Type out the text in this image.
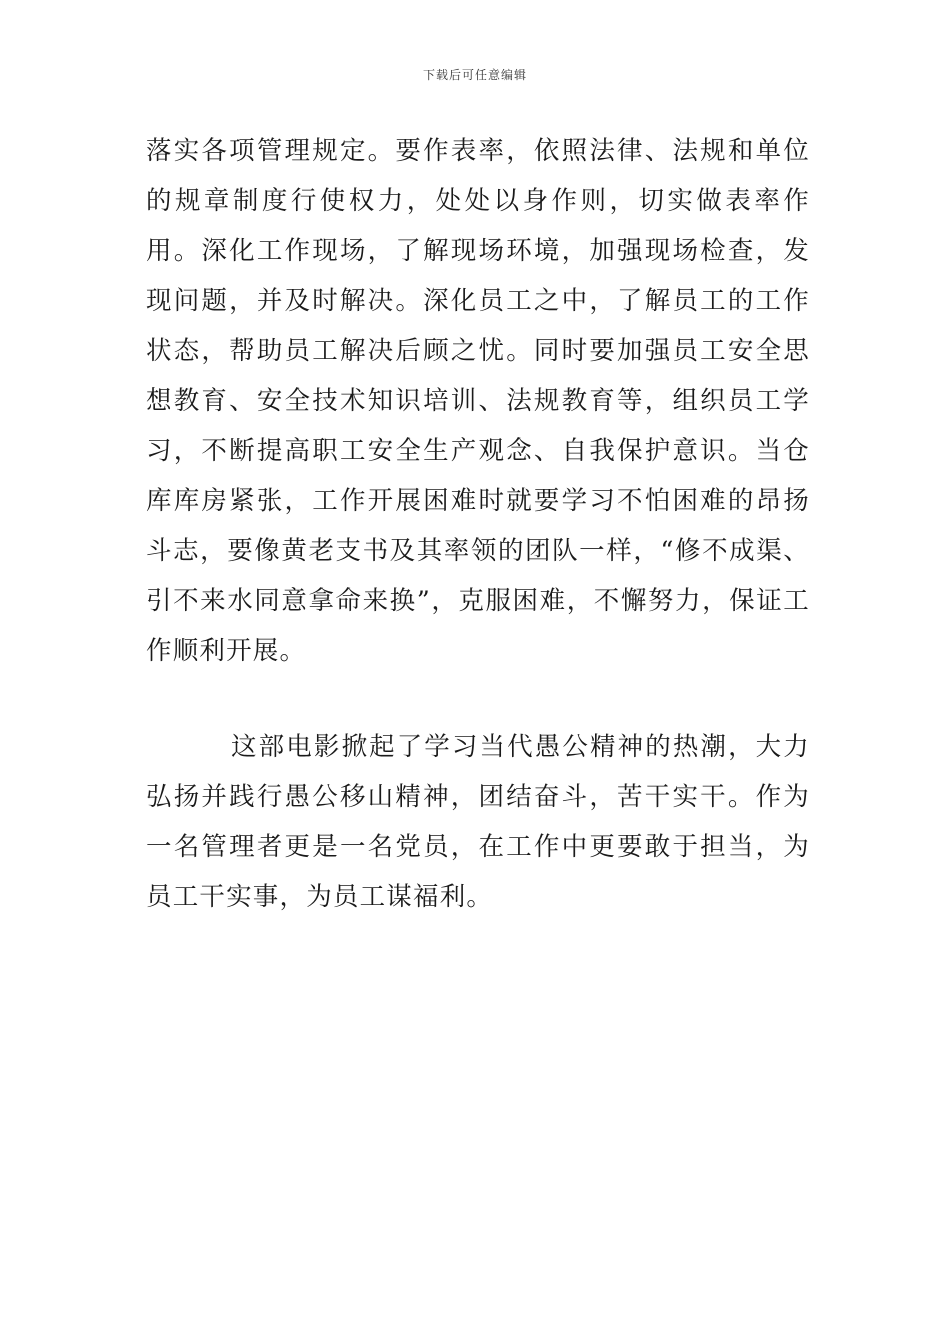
下载后可任意编辑

落实各项管理规定。要作表率，依照法律、法规和单位的规章制度行使权力，处处以身作则，切实做表率作用。深化工作现场，了解现场环境，加强现场检查，发现问题，并及时解决。深化员工之中，了解员工的工作状态，帮助员工解决后顾之忧。同时要加强员工安全思想教育、安全技术知识培训、法规教育等，组织员工学习，不断提高职工安全生产观念、自我保护意识。当仓库库房紧张，工作开展困难时就要学习不怕困难的昂扬斗志，要像黄老支书及其率领的团队一样，“修不成渠、引不来水同意拿命来换”，克服困难，不懈努力，保证工作顺利开展。

这部电影掀起了学习当代愚公精神的热潮，大力弘扬并践行愚公移山精神，团结奋斗，苦干实干。作为一名管理者更是一名党员，在工作中更要敢于担当，为员工干实事，为员工谋福利。
